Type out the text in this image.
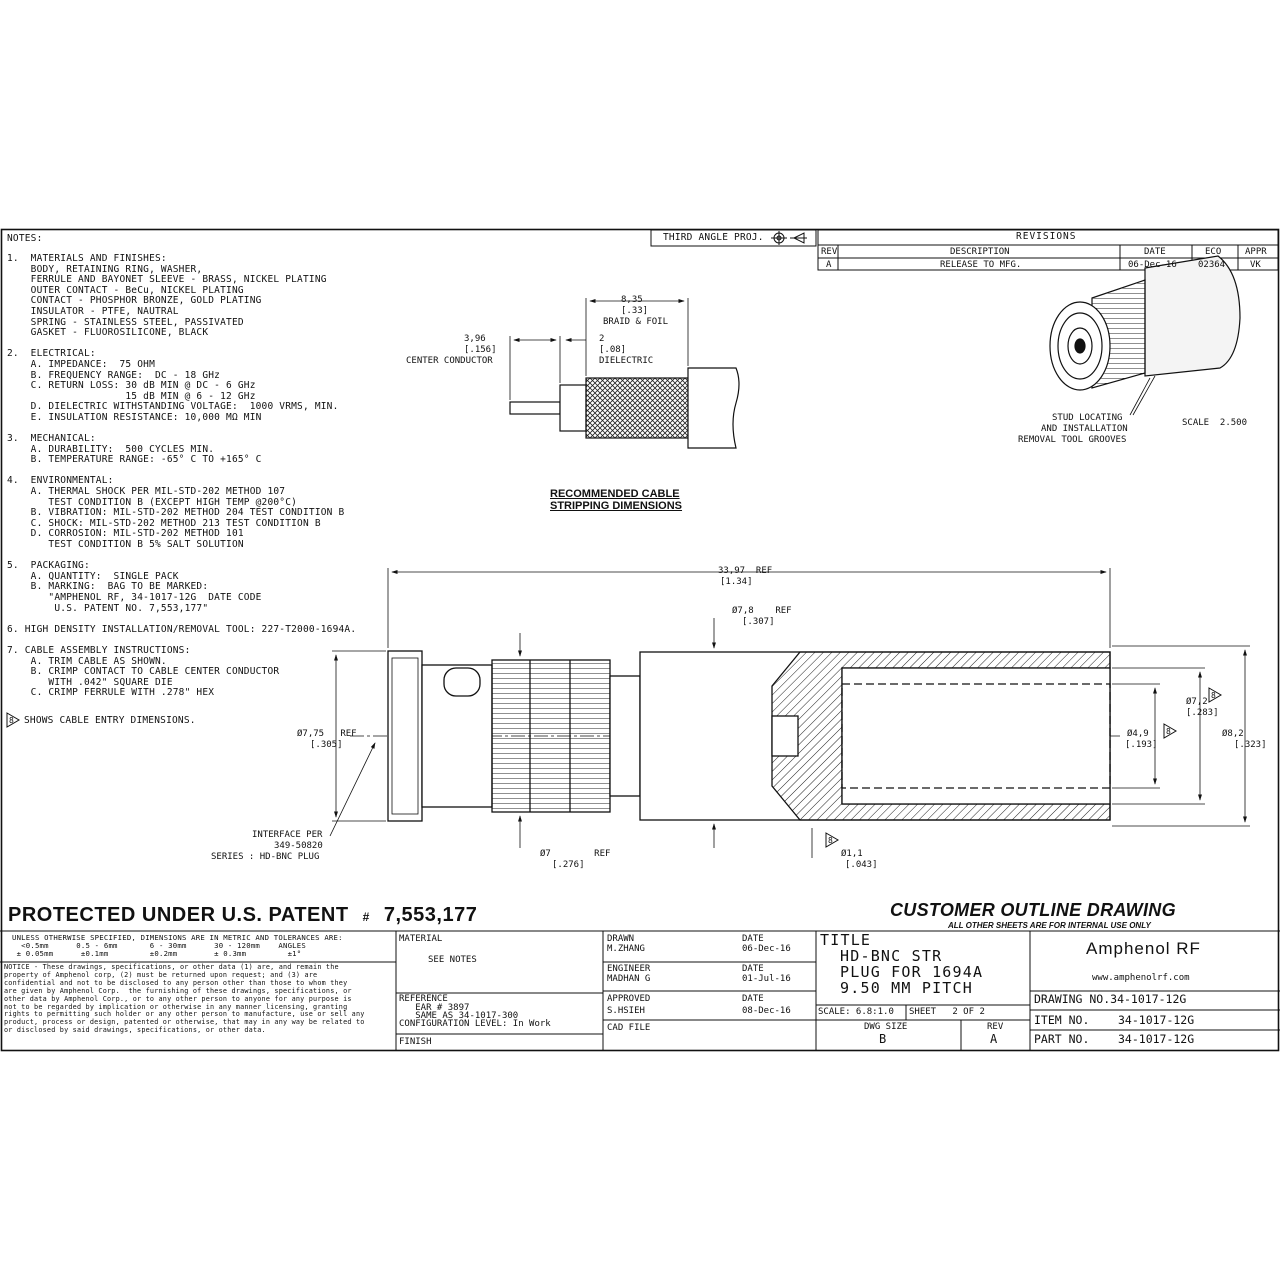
NOTES:
1.  MATERIALS AND FINISHES:
BODY, RETAINING RING, WASHER,
FERRULE AND BAYONET SLEEVE - BRASS, NICKEL PLATING
OUTER CONTACT - BeCu, NICKEL PLATING
CONTACT - PHOSPHOR BRONZE, GOLD PLATING
INSULATOR - PTFE, NAUTRAL
SPRING - STAINLESS STEEL, PASSIVATED
GASKET - FLUOROSILICONE, BLACK
2.  ELECTRICAL:
A. IMPEDANCE:  75 OHM
B. FREQUENCY RANGE:  DC - 18 GHz
C. RETURN LOSS: 30 dB MIN @ DC - 6 GHz
15 dB MIN @ 6 - 12 GHz
D. DIELECTRIC WITHSTANDING VOLTAGE:  1000 VRMS, MIN.
E. INSULATION RESISTANCE: 10,000 MΩ MIN
3.  MECHANICAL:
A. DURABILITY:  500 CYCLES MIN.
B. TEMPERATURE RANGE: -65° C TO +165° C
4.  ENVIRONMENTAL:
A. THERMAL SHOCK PER MIL-STD-202 METHOD 107
TEST CONDITION B (EXCEPT HIGH TEMP @200°C)
B. VIBRATION: MIL-STD-202 METHOD 204 TEST CONDITION B
C. SHOCK: MIL-STD-202 METHOD 213 TEST CONDITION B
D. CORROSION: MIL-STD-202 METHOD 101
TEST CONDITION B 5% SALT SOLUTION
5.  PACKAGING:
A. QUANTITY:  SINGLE PACK
B. MARKING:  BAG TO BE MARKED:
"AMPHENOL RF, 34-1017-12G  DATE CODE
U.S. PATENT NO. 7,553,177"
6. HIGH DENSITY INSTALLATION/REMOVAL TOOL: 227-T2000-1694A.
7. CABLE ASSEMBLY INSTRUCTIONS:
A. TRIM CABLE AS SHOWN.
B. CRIMP CONTACT TO CABLE CENTER CONDUCTOR
WITH .042" SQUARE DIE
C. CRIMP FERRULE WITH .278" HEX
8 SHOWS CABLE ENTRY DIMENSIONS.
THIRD ANGLE PROJ.	REVISIONS
REV	DESCRIPTION	DATE	ECO	APPR
A	RELEASE TO MFG.	06-Dec-16 02364	VK
8,35
[.33]
BRAID & FOIL
3,96
[.156]
CENTER CONDUCTOR
2
[.08]
DIELECTRIC
RECOMMENDED CABLE
STRIPPING DIMENSIONS
STUD LOCATING
AND INSTALLATION
REMOVAL TOOL GROOVES
SCALE  2.500
33,97  REF
[1.34]
Ø7,8    REF
[.307]
Ø7,75   REF
[.305]
Ø7        REF
[.276]
Ø1,1
[.043]
Ø4,9
[.193]
Ø7,2
[.283]
Ø8,2
[.323]
INTERFACE PER
349-50820
SERIES : HD-BNC PLUG
8
8
8
PROTECTED UNDER U.S. PATENT # 7,553,177	CUSTOMER OUTLINE DRAWING
ALL OTHER SHEETS ARE FOR INTERNAL USE ONLY
UNLESS OTHERWISE SPECIFIED, DIMENSIONS ARE IN METRIC AND TOLERANCES ARE:
<0.5mm      0.5 - 6mm       6 - 30mm      30 - 120mm    ANGLES
± 0.05mm      ±0.1mm         ±0.2mm        ± 0.3mm         ±1°
NOTICE - These drawings, specifications, or other data (1) are, and remain the
property of Amphenol corp, (2) must be returned upon request; and (3) are
confidential and not to be disclosed to any person other than those to whom they
are given by Amphenol Corp.  the furnishing of these drawings, specifications, or
other data by Amphenol Corp., or to any other person to anyone for any purpose is
not to be regarded by implication or otherwise in any manner licensing, granting
rights to permitting such holder or any other person to manufacture, use or sell any
product, process or design, patented or otherwise, that may in any way be related to
or disclosed by said drawings, specifications, or other data.
MATERIAL
SEE NOTES
REFERENCE
EAR # 3897
SAME AS 34-1017-300
CONFIGURATION LEVEL: In Work
FINISH
DRAWN
M.ZHANG
DATE
06-Dec-16
ENGINEER
MADHAN G
DATE
01-Jul-16
APPROVED
S.HSIEH
DATE
08-Dec-16
CAD FILE
TITLE
HD-BNC STR
PLUG FOR 1694A
9.50 MM PITCH
SCALE: 6.8:1.0 SHEET   2 OF 2
DWG SIZE
B
REV
A
Amphenol RF
www.amphenolrf.com
DRAWING NO.34-1017-12G
ITEM NO. 34-1017-12G
PART NO. 34-1017-12G
